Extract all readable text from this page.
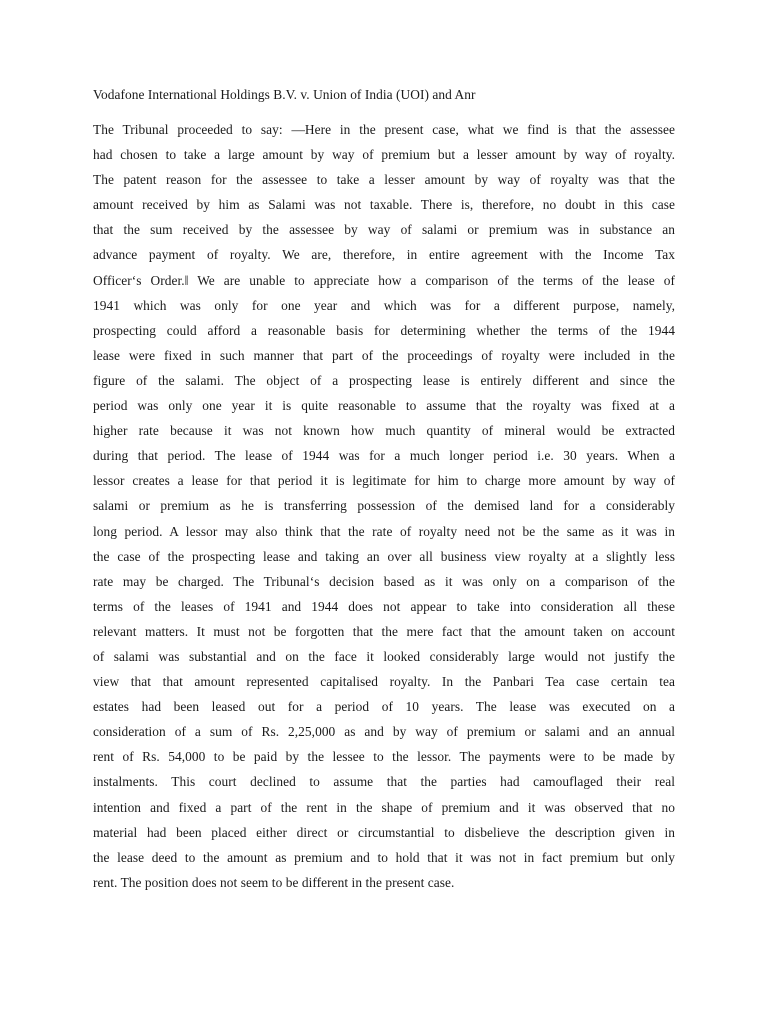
Vodafone International Holdings B.V. v. Union of India (UOI) and Anr
The Tribunal proceeded to say: ―Here in the present case, what we find is that the assessee
had chosen to take a large amount by way of premium but a lesser amount by way of royalty.
The patent reason for the assessee to take a lesser amount by way of royalty was that the
amount received by him as Salami was not taxable. There is, therefore, no doubt in this case
that the sum received by the assessee by way of salami or premium was in substance an
advance payment of royalty. We are, therefore, in entire agreement with the Income Tax
Officer‘s Order.‖ We are unable to appreciate how a comparison of the terms of the lease of
1941 which was only for one year and which was for a different purpose, namely,
prospecting could afford a reasonable basis for determining whether the terms of the 1944
lease were fixed in such manner that part of the proceedings of royalty were included in the
figure of the salami. The object of a prospecting lease is entirely different and since the
period was only one year it is quite reasonable to assume that the royalty was fixed at a
higher rate because it was not known how much quantity of mineral would be extracted
during that period. The lease of 1944 was for a much longer period i.e. 30 years. When a
lessor creates a lease for that period it is legitimate for him to charge more amount by way of
salami or premium as he is transferring possession of the demised land for a considerably
long period. A lessor may also think that the rate of royalty need not be the same as it was in
the case of the prospecting lease and taking an over all business view royalty at a slightly less
rate may be charged. The Tribunal‘s decision based as it was only on a comparison of the
terms of the leases of 1941 and 1944 does not appear to take into consideration all these
relevant matters. It must not be forgotten that the mere fact that the amount taken on account
of salami was substantial and on the face it looked considerably large would not justify the
view that that amount represented capitalised royalty. In the Panbari Tea case certain tea
estates had been leased out for a period of 10 years. The lease was executed on a
consideration of a sum of Rs. 2,25,000 as and by way of premium or salami and an annual
rent of Rs. 54,000 to be paid by the lessee to the lessor. The payments were to be made by
instalments. This court declined to assume that the parties had camouflaged their real
intention and fixed a part of the rent in the shape of premium and it was observed that no
material had been placed either direct or circumstantial to disbelieve the description given in
the lease deed to the amount as premium and to hold that it was not in fact premium but only
rent. The position does not seem to be different in the present case.
